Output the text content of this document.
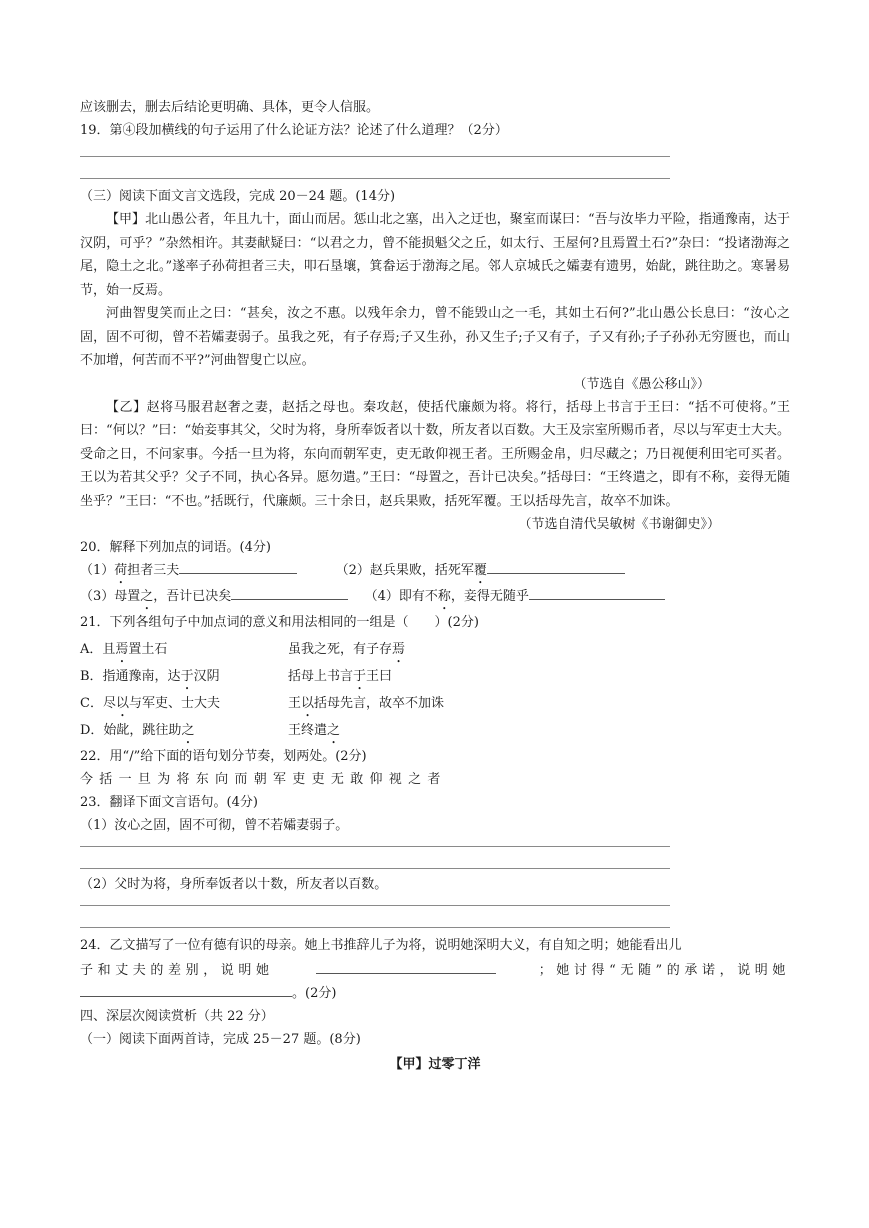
应该删去，删去后结论更明确、具体，更令人信服。
19．第④段加横线的句子运用了什么论证方法？论述了什么道理？（2分）
（三）阅读下面文言文选段，完成 20－24 题。(14分)
【甲】北山愚公者，年且九十，面山而居。惩山北之塞，出入之迂也，聚室而谋曰：“吾与汝毕力平险，指通豫南，达于汉阴，可乎？”杂然相许。其妻献疑曰：“以君之力，曾不能损魁父之丘，如太行、王屋何?且焉置土石?”杂曰：“投诸渤海之尾，隐土之北。”遂率子孙荷担者三夫，叩石垦壤，箕畚运于渤海之尾。邻人京城氏之孀妻有遗男，始龀，跳往助之。寒暑易节，始一反焉。
河曲智叟笑而止之曰：“甚矣，汝之不惠。以残年余力，曾不能毁山之一毛，其如土石何?”北山愚公长息曰：“汝心之固，固不可彻，曾不若孀妻弱子。虽我之死，有子存焉;子又生孙，孙又生子;子又有子，子又有孙;子子孙孙无穷匮也，而山不加增，何苦而不平?”河曲智叟亡以应。
（节选自《愚公移山》）
【乙】赵将马服君赵奢之妻，赵括之母也。秦攻赵，使括代廉颇为将。将行，括母上书言于王曰：“括不可使将。”王曰：“何以？”曰：“始妾事其父，父时为将，身所奉饭者以十数，所友者以百数。大王及宗室所赐币者，尽以与军吏士大夫。受命之日，不问家事。今括一旦为将，东向而朝军吏，吏无敢仰视王者。王所赐金帛，归尽藏之；乃日视便利田宅可买者。王以为若其父乎？父子不同，执心各异。愿勿遣。”王曰：“母置之，吾计已决矣。”括母曰：“王终遣之，即有不称，妾得无随坐乎？”王曰：“不也。”括既行，代廉颇。三十余日，赵兵果败，括死军覆。王以括母先言，故卒不加诛。
（节选自清代吴敏树《书谢御史》）
20．解释下列加点的词语。(4分)
（1）荷担者三夫	（2）赵兵果败，括死军覆
（3）母置之，吾计已决矣	（4）即有不称，妾得无随乎
21．下列各组句子中加点词的意义和用法相同的一组是（　　）(2分)
A．且焉置土石	虽我之死，有子存焉
B．指通豫南，达于汉阴	括母上书言于王曰
C．尽以与军吏、士大夫	王以括母先言，故卒不加诛
D．始龀，跳往助之	王终遣之
22．用“/”给下面的语句划分节奏，划两处。(2分)
今括一旦为将东向而朝军吏吏无敢仰视之者
23．翻译下面文言语句。(4分)
（1）汝心之固，固不可彻，曾不若孀妻弱子。
（2）父时为将，身所奉饭者以十数，所友者以百数。
24．乙文描写了一位有德有识的母亲。她上书推辞儿子为将，说明她深明大义，有自知之明；她能看出儿
子和丈夫的差别，说明她	；她讨得“无随”的承诺，说明她
。(2分)
四、深层次阅读赏析（共 22 分）
（一）阅读下面两首诗，完成 25－27 题。(8分)
【甲】过零丁洋
